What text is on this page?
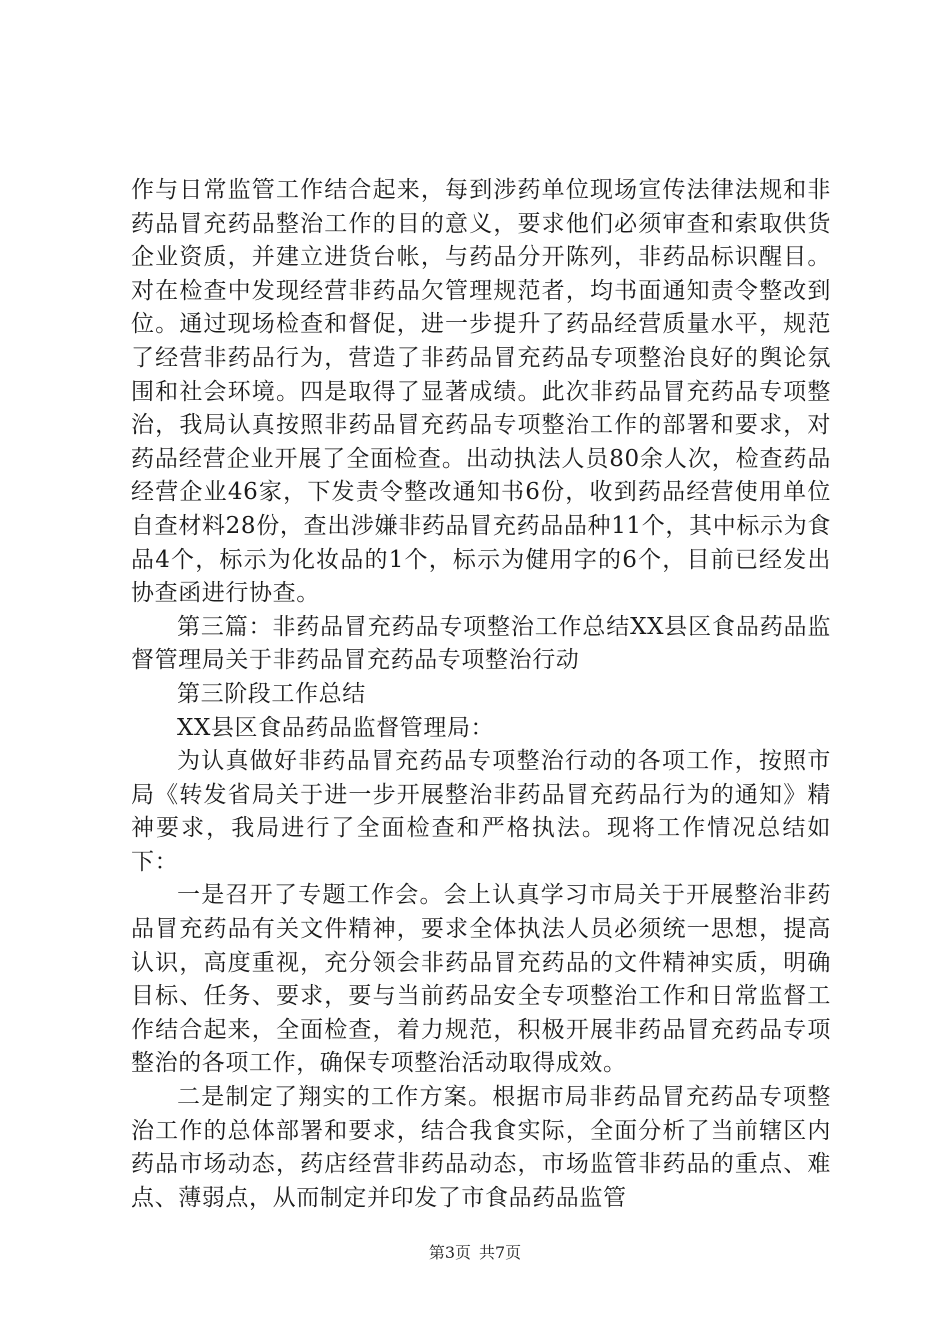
作与日常监管工作结合起来，每到涉药单位现场宣传法律法规和非药品冒充药品整治工作的目的意义，要求他们必须审查和索取供货企业资质，并建立进货台帐，与药品分开陈列，非药品标识醒目。对在检查中发现经营非药品欠管理规范者，均书面通知责令整改到位。通过现场检查和督促，进一步提升了药品经营质量水平，规范了经营非药品行为，营造了非药品冒充药品专项整治良好的舆论氛围和社会环境。四是取得了显著成绩。此次非药品冒充药品专项整治，我局认真按照非药品冒充药品专项整治工作的部署和要求，对药品经营企业开展了全面检查。出动执法人员80余人次，检查药品经营企业46家，下发责令整改通知书6份，收到药品经营使用单位自查材料28份，查出涉嫌非药品冒充药品品种11个，其中标示为食品4个，标示为化妆品的1个，标示为健用字的6个，目前已经发出协查函进行协查。

第三篇：非药品冒充药品专项整治工作总结XX县区食品药品监督管理局关于非药品冒充药品专项整治行动

第三阶段工作总结

XX县区食品药品监督管理局：

为认真做好非药品冒充药品专项整治行动的各项工作，按照市局《转发省局关于进一步开展整治非药品冒充药品行为的通知》精神要求，我局进行了全面检查和严格执法。现将工作情况总结如下：

一是召开了专题工作会。会上认真学习市局关于开展整治非药品冒充药品有关文件精神，要求全体执法人员必须统一思想，提高认识，高度重视，充分领会非药品冒充药品的文件精神实质，明确目标、任务、要求，要与当前药品安全专项整治工作和日常监督工作结合起来，全面检查，着力规范，积极开展非药品冒充药品专项整治的各项工作，确保专项整治活动取得成效。

二是制定了翔实的工作方案。根据市局非药品冒充药品专项整治工作的总体部署和要求，结合我食实际，全面分析了当前辖区内药品市场动态，药店经营非药品动态，市场监管非药品的重点、难点、薄弱点，从而制定并印发了市食品药品监管

第3页 共7页
